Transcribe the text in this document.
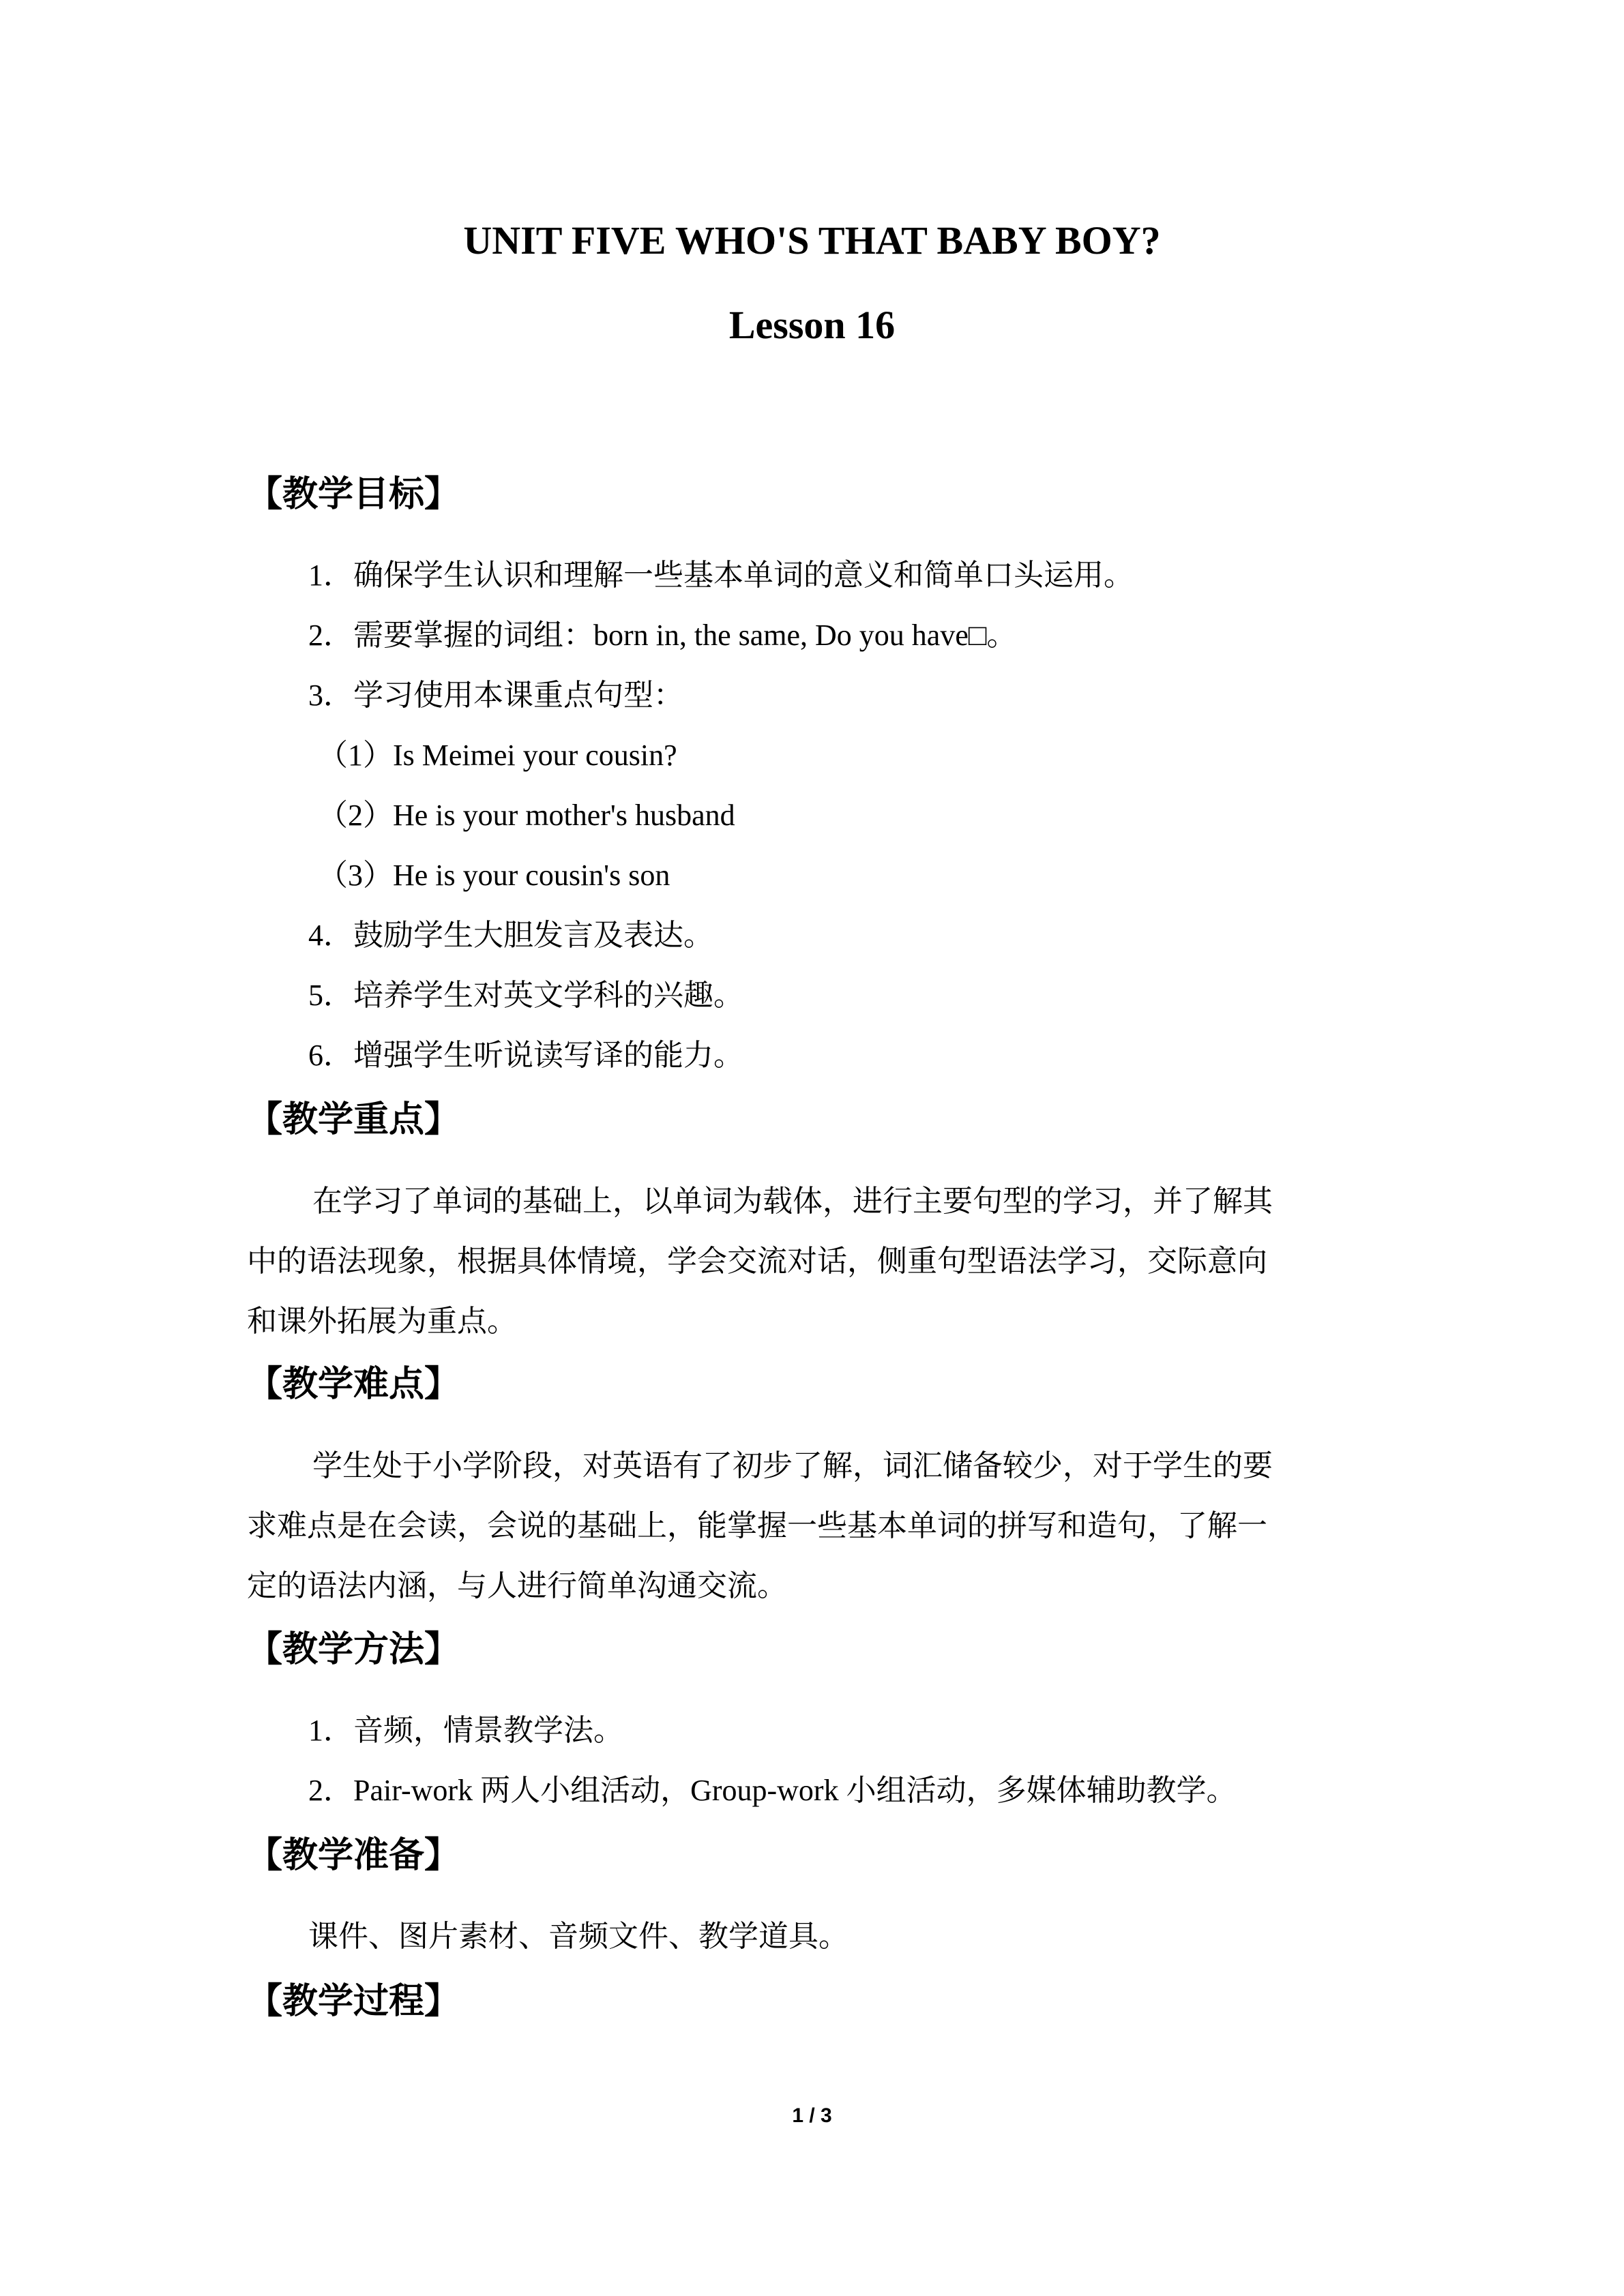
UNIT FIVE WHO'S THAT BABY BOY?
Lesson 16
【教学目标】
1．确保学生认识和理解一些基本单词的意义和简单口头运用。
2．需要掌握的词组：born in, the same, Do you have□。
3．学习使用本课重点句型：
（1）Is Meimei your cousin?
（2）He is your mother's husband
（3）He is your cousin's son
4．鼓励学生大胆发言及表达。
5．培养学生对英文学科的兴趣。
6．增强学生听说读写译的能力。
【教学重点】
在学习了单词的基础上，以单词为载体，进行主要句型的学习，并了解其
中的语法现象，根据具体情境，学会交流对话，侧重句型语法学习，交际意向
和课外拓展为重点。
【教学难点】
学生处于小学阶段，对英语有了初步了解，词汇储备较少，对于学生的要
求难点是在会读，会说的基础上，能掌握一些基本单词的拼写和造句，了解一
定的语法内涵，与人进行简单沟通交流。
【教学方法】
1．音频，情景教学法。
2．Pair-work 两人小组活动，Group-work 小组活动，多媒体辅助教学。
【教学准备】
课件、图片素材、音频文件、教学道具。
【教学过程】
1 / 3
